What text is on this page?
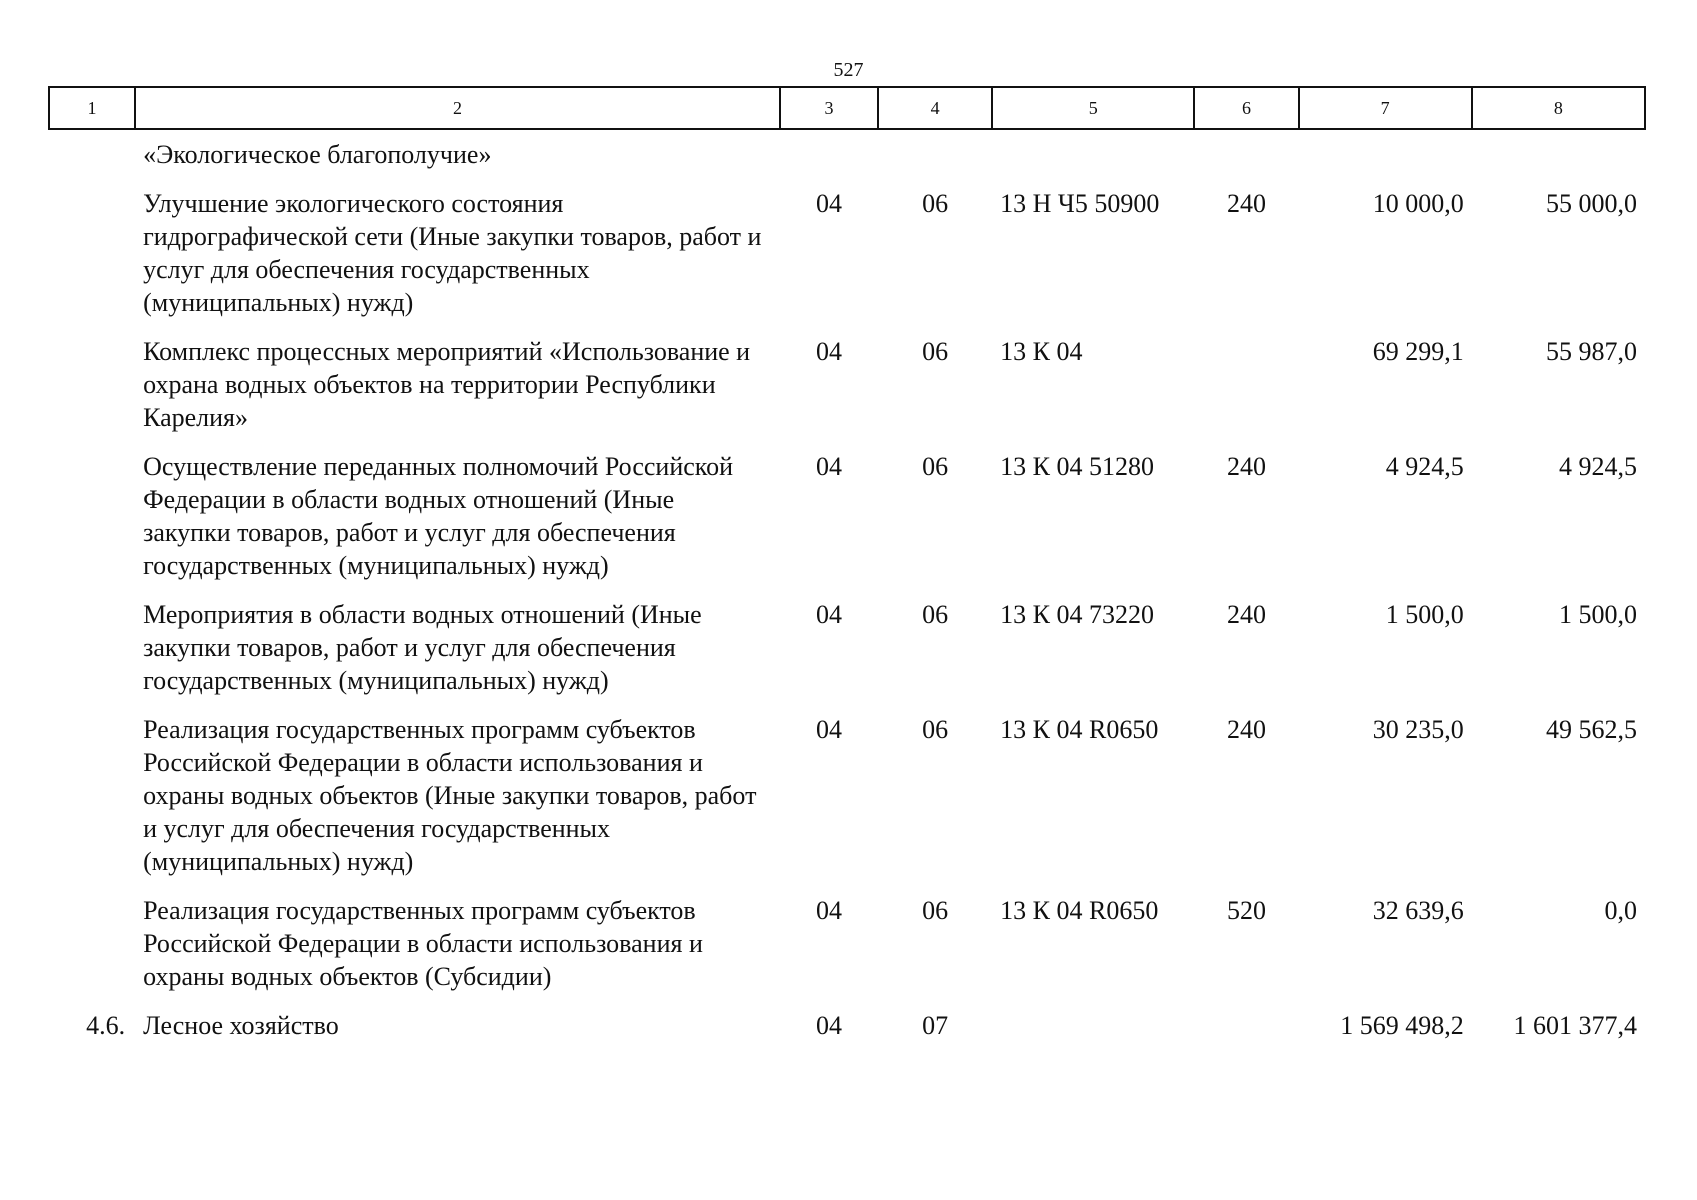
527
1	2	3	4	5	6	7	8
	«Экологическое благополучие»						
	Улучшение экологического состояния гидрографической сети (Иные закупки товаров, работ и услуг для обеспечения государственных (муниципальных) нужд)	04	06	13 Н Ч5 50900	240	10 000,0	55 000,0
	Комплекс процессных мероприятий «Использование и охрана водных объектов на территории Республики Карелия»	04	06	13 К 04		69 299,1	55 987,0
	Осуществление переданных полномочий Российской Федерации в области водных отношений (Иные закупки товаров, работ и услуг для обеспечения государственных (муниципальных) нужд)	04	06	13 К 04 51280	240	4 924,5	4 924,5
	Мероприятия в области водных отношений (Иные закупки товаров, работ и услуг для обеспечения государственных (муниципальных) нужд)	04	06	13 К 04 73220	240	1 500,0	1 500,0
	Реализация государственных программ субъектов Российской Федерации в области использования и охраны водных объектов (Иные закупки товаров, работ и услуг для обеспечения государственных (муниципальных) нужд)	04	06	13 К 04 R0650	240	30 235,0	49 562,5
	Реализация государственных программ субъектов Российской Федерации в области использования и охраны водных объектов (Субсидии)	04	06	13 К 04 R0650	520	32 639,6	0,0
4.6.	Лесное хозяйство	04	07			1 569 498,2	1 601 377,4
